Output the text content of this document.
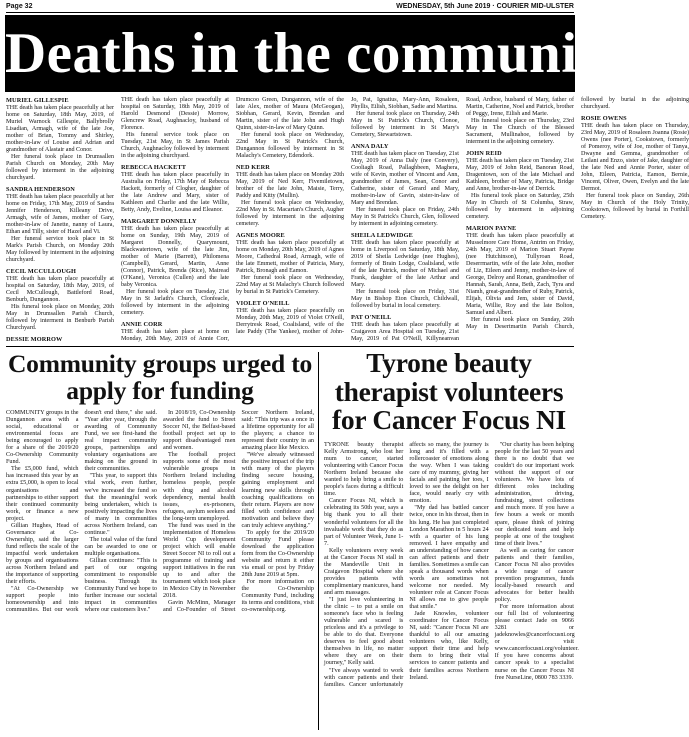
Page 32	WEDNESDAY, 5th June 2019 · COURIER MID-ULSTER
Deaths in the community
MURIEL GILLESPIE

THE death has taken place peacefully at her home on Saturday, 18th May, 2019, of Muriel Warnock Gillespie, Ballybrolly Lisadian, Armagh, wife of the late Joe, mother of Brian, Tommy and Shirley, mother-in-law of Louise and Adrian and grandmother of Alastair and Conor.

Her funeral took place in Drumsallen Parish Church on Monday, 20th May followed by interment in the adjoining churchyard.

SANDRA HENDERSON

THE death has taken place peacefully at her home on Friday, 17th May, 2019 of Sandra Jennifer Henderson, Killeany Drive, Armagh, wife of James, mother of Gary, mother-in-law of Janette, nanny of Laura, Ethan and Tilly, sister of Hazel and Vi.

Her funeral service took place in St Mark's Parish Church, on Monday 20th May followed by interment in the adjoining churchyard.

CECIL MCCULLOUGH

THE death has taken place peacefully at hospital on Saturday, 18th May, 2019, of Cecil McCullough, Battleford Road, Benburb, Dungannon.

His funeral took place on Monday, 20th May in Drumsallen Parish Church, followed by interment in Benburb Parish Churchyard.

DESSIE MORROW

THE death has taken place peacefully at hospital on Saturday, 18th May, 2019 of Harold Desmond (Dessie) Morrow, Glencrew Road, Aughnacloy, husband of Florence.

His funeral service took place on Tuesday, 21st May, in St James Parish Church, Aughnacloy followed by interment in the adjoining churchyard.

REBECCA HACKETT

THE death has taken place peacefully in Australia on Friday, 17th May of Rebecca Hackett, formerly of Clogher, daughter of the late Andrew and Mary, sister of Kathleen and Charlie and the late Willie, Betty, Andy, Eveline, Louisa and Eleanor.

MARGARET DONNELLY

THE death has taken place peacefully at home on Sunday, 19th May, 2019 of Margaret Donnelly, Quarymount, Blackwatertown, wife of the late Jim, mother of Marie (Barrett), Philomena (Campbell), Gerard, Martin, Anne (Connor), Patrick, Brenda (Rice), Mairead (O'Kane), Veronica (Cullen) and the late baby Veronica.

Her funeral took place on Tuesday, 21st May in St Jarlath's Church, Clonfeacle, followed by interment in the adjoining cemetery.

ANNIE CORR

THE death has taken place at home on Monday, 20th May, 2019 of Annie Corr, Drumcoo Green, Dungannon, wife of the late Alex, mother of Maura (McGeogan), Siobhan, Gerard, Kevin, Brendan and Martin, sister of the late John and Hugh Quinn, sister-in-law of Mary Quinn.

Her funeral took place on Wednesday, 22nd May in St Patrick's Church, Dungannon followed by interment in St Malachy's Cemetery, Edendork.

NED KERR

THE death has taken place on Monday 20th May, 2019 of Ned Kerr, Fivemiletown, brother of the late John, Maisie, Terry, Paddy and Kitty (Mullin).

Her funeral took place on Wednesday, 22nd May in St. Macartan's Church, Augher followed by interment in the adjoining cemetery.

AGNES MOORE

THE death has taken place peacefully at home on Monday, 20th May, 2019 of Agnes Moore, Cathedral Road, Armagh, wife of the late Emmett, mother of Patricia, Mary, Patrick, Bronagh and Eamon.

Her funeral took place on Wednesday, 22nd May at St Malachy's Church followed by burial in St Patrick's Cemetery.

VIOLET O'NEILL

THE death has taken place peacefully on Monday, 20th May, 2019 of Violet O'Neill, Derrytresk Road, Coalisland, wife of the late Paddy (The Yankee), mother of John-Jo, Pat, Ignatius, Mary-Ann, Rosaleen, Phyllis, Eilish, Siobhan, Sadie and Martina.

Her funeral took place on Thursday, 24th May in St Patrick's Church, Clonoe, followed by interment in St Mary's Cemetery, Stewartstown.

ANNA DALY

THE death has taken place on Tuesday, 21st May, 2019 of Anna Daly (nee Convery), Cooliagh Road, Pallaghbeen, Maghera, wife of Kevin, mother of Vincent and Ann, grandmother of James, Sean, Conor and Catherine, sister of Gerard and Mary, mother-in-law of Gavin, sister-in-law of Mary and Brendan.

Her funeral took place on Friday, 24th May in St Patrick's Church, Glen, followed by interment in adjoining cemetery.

SHEILA LEDWIDGE

THE death has taken place peacefully at home in Liverpool on Saturday, 18th May, 2019 of Sheila Ledwidge (nee Hughes), formerly of Brain Lodge, Coalisland, wife of the late Patrick, mother of Michael and Frank, daughter of the late Arthur and Mary.

Her funeral took place on Friday, 31st May in Bishop Eton Church, Childwall, followed by burial in local cemetery.

PAT O'NEILL

THE death has taken place peacefully at Craigavon Area Hospital on Tuesday, 21st May, 2019 of Pat O'Neill, Killyneanvan Road, Ardboe, husband of Mary, father of Martin, Catherine, Noel and Patrick, brother of Peggy, Irene, Eilish and Marie.

His funeral took place on Thursday, 23rd May in The Church of the Blessed Sacrament, Mullinahoe, followed by interment in the adjoining cemetery.

JOHN REID

THE death has taken place on Tuesday, 21st May, 2019 of John Reid, Banoran Road, Dragentown, son of the late Michael and Kathleen, brother of Mary, Patricia, Bridge and Anne, brother-in-law of Derrick.

His funeral took place on Saturday, 25th May in Church of St Columba, Straw, followed by interment in adjoining cemetery.

MARION PAYNE

THE death has taken place peacefully at Musselmore Care Home, Antrim on Friday, 24th May, 2019 of Marion Stuart Payne (nee Hutchinson), Tullyroan Road, Deserrmartin, wife of the late John, mother of Liz, Eileen and Jenny, mother-in-law of George, Delroy and Ronan, grandmother of Hannah, Sarah, Anna, Beth, Zach, Tyra and Niamh, great-grandmother of Ruby, Patrick, Elijah, Olivia and Jem, sister of David, Maria, Willie, Roy and the late Bolton, Samuel and Albert.

Her funeral took place on Sunday, 26th May in Desertmartin Parish Church, followed by burial in the adjoining churchyard.

ROSIE OWENS

THE death has taken place on Thursday, 23rd May, 2019 of Rosaleen Joanna (Rosie) Owens (nee Porter), Cookstown, formerly of Pomeroy, wife of Joe, mother of Tanya, Dwayne and Gemma, grandmother of Leilani and Enzo, sister of Jake, daughter of the late Ned and Annie Porter, sister of John, Eileen, Patricia, Eamon, Bernie, Vincent, Oliver, Owen, Evelyn and the late Dermot.

Her funeral took place on Sunday, 26th May in Church of the Holy Trinity, Cookstown, followed by burial in Forthill Cemetery.

Community groups urged to apply for funding

COMMUNITY groups in the Dungannon area with a social, educational or environmental focus are being encouraged to apply for a share of the 2019/20 Co-Ownership Community Fund.

The £5,000 fund, which has increased this year by an extra £5,000, is open to local organisations and partnerships to either support their continued community work, or finance a new project.

Gillian Hughes, Head of Governance at Co-Ownership, said the larger fund reflects the scale of the impactful work undertaken by groups and organisations across Northern Ireland and the importance of supporting their efforts.

"At Co-Ownership we support people into homeownership and into communities. But our work doesn't end there," she said. "Year after year, through the awarding of Community Fund, we see first-hand the real impact community groups, partnerships and voluntary organisations are making on the ground in their communities.

"This year, to support this vital work, even further, we've increased the fund so that the meaningful work being undertaken, which is positively impacting the lives of many in communities across Northern Ireland, can continue."

The total value of the fund can be awarded to one or multiple organisations.

Gillian continues: "This is part of our ongoing commitment to responsible business. Through its Community Fund we hope to further increase our societal impact in communities where our customers live."

In 2018/19, Co-Ownership awarded the fund to Street Soccer NI, the Belfast-based football project set up to support disadvantaged men and women.

The football project supports some of the most vulnerable groups in Northern Ireland including homeless people, people with drug and alcohol dependency, mental health issues, ex-prisoners, refugees, asylum seekers and the long-term unemployed.

The fund was used in the implementation of Homeless World Cup development project which will enable Street Soccer NI to roll out a programme of training and support initiatives in the run up to and after the tournament which took place in Mexico City in November 2018.

Gavin McMinn, Manager and Co-Founder of Street Soccer Northern Ireland, said: "This trip was a once in a lifetime opportunity for all the players; a chance to represent their country in an amazing place like Mexico.

"We've already witnessed the positive impact of the trip with many of the players finding secure housing, gaining employment and learning new skills through coaching qualifications on their return. Players are now filled with confidence and motivation and believe they can truly achieve anything."

To apply for the 2019/20 Community Fund please download the application form from the Co-Ownership website and return it either via email or post by Friday 28th June 2019 at 5pm.

For more information on the Co-Ownership Community Fund, including its terms and conditions, visit co-ownership.org.

Tyrone beauty therapist volunteers for Cancer Focus NI

TYRONE beauty therapist Kelly Armstrong, who lost her mum to cancer, started volunteering with Cancer Focus Northern Ireland because she wanted to help bring a smile to people's faces during a difficult time.

Cancer Focus NI, which is celebrating its 50th year, says a big thank you to all their wonderful volunteers for all the invaluable work that they do as part of Volunteer Week, June 1-7.

Kelly volunteers every week at the Cancer Focus NI stall in the Mandeville Unit in Craigavon Hospital where she provides patients with complimentary manicures, hand and arm massages.

"I just love volunteering in the clinic – to put a smile on someone's face who is feeling vulnerable and scared is priceless and it's a privilege to be able to do that. Everyone deserves to feel good about themselves in life, no matter where they are on their journey," Kelly said.

"I've always wanted to work with cancer patients and their families. Cancer unfortunately affects so many, the journey is long and it's filled with a rollercoaster of emotions along the way. When I was taking care of my mummy, giving her facials and painting her toes, I loved to see the delight on her face, would nearly cry with emotion.

"My dad has battled cancer twice, once in his throat, then in his lung. He has just completed London Marathon in 5 hours 24 with a quarter of his lung removed. I have empathy and an understanding of how cancer can affect patients and their families. Sometimes a smile can speak a thousand words when words are sometimes not welcome nor needed. My volunteer role at Cancer Focus NI allows me to give people that smile."

Jade Knowles, volunteer coordinator for Cancer Focus NI, said: "Cancer Focus NI are thankful to all our amazing volunteers who, like Kelly, support their time and help them to bring their vital services to cancer patients and their families across Northern Ireland.

"Our charity has been helping people for the last 50 years and there is no doubt that we couldn't do our important work without the support of our volunteers. We have lots of different roles including administration, driving, fundraising, street collections and much more. If you have a few hours a week or month spare, please think of joining our dedicated team and help people at one of the toughest time of their lives."

As well as caring for cancer patients and their families, Cancer Focus NI also provides a wide range of cancer prevention programmes, funds locally-based research and advocates for better health policy.

For more information about our full list of volunteering please contact Jade on 9066 3281 or jadeknowles@cancerfocusni.org or visit www.cancerfocusni.org/volunteer. If you have concerns about cancer speak to a specialist nurse on the Cancer Focus NI free NurseLine, 0800 783 3339.
